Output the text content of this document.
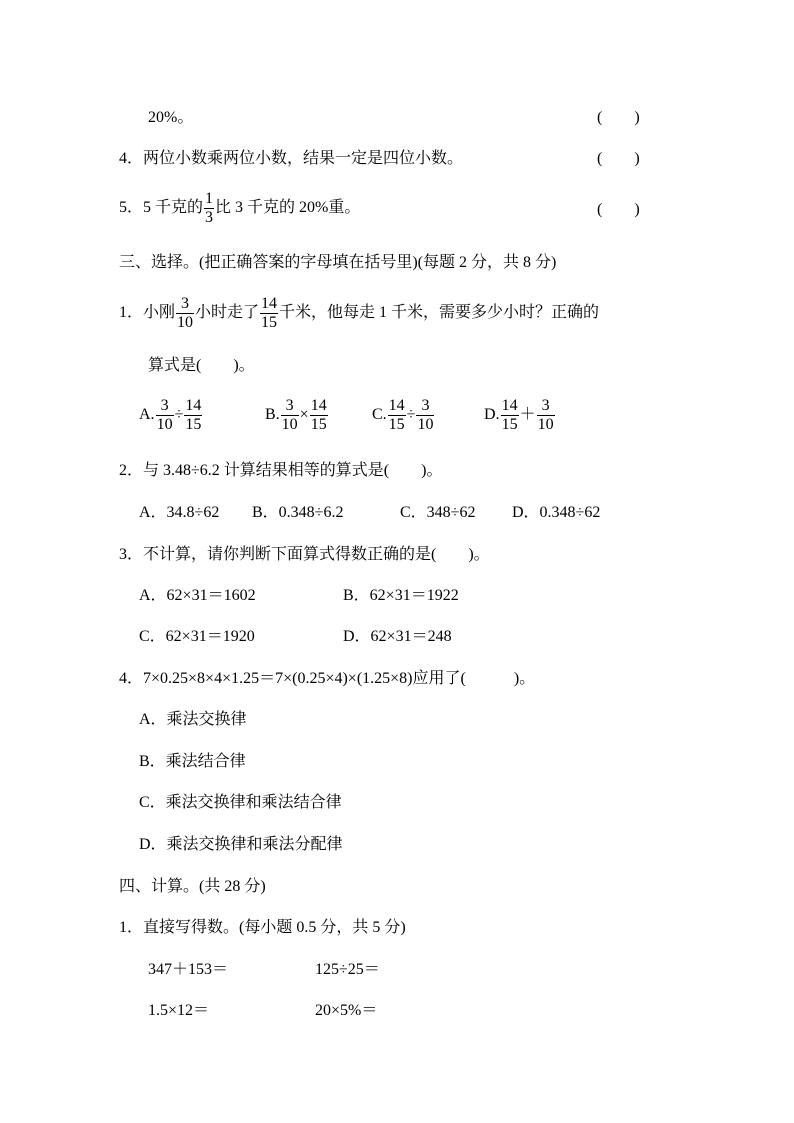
20%。	(　　)
4．两位小数乘两位小数，结果一定是四位小数。	(　　)
5．5 千克的 $\frac{1}{3}$ 比 3 千克的 20%重。	(　　)
三、选择。(把正确答案的字母填在括号里)(每题 2 分，共 8 分)
1．小刚 $\frac{3}{10}$ 小时走了 $\frac{14}{15}$ 千米，他每走 1 千米，需要多少小时？正确的
算式是(　　)。
A. $\frac{3}{10} \div \frac{14}{15}$	B. $\frac{3}{10} \times \frac{14}{15}$	C. $\frac{14}{15} \div \frac{3}{10}$	D. $\frac{14}{15} + \frac{3}{10}$
2．与 3.48÷6.2 计算结果相等的算式是(　　)。
A．34.8÷62 B．0.348÷6.2	C．348÷62 D．0.348÷62
3．不计算，请你判断下面算式得数正确的是(　　)。
A．62×31＝1602	B．62×31＝1922
C．62×31＝1920	D．62×31＝248
4．7×0.25×8×4×1.25＝7×(0.25×4)×(1.25×8)应用了(　　　)。
A．乘法交换律
B．乘法结合律
C．乘法交换律和乘法结合律
D．乘法交换律和乘法分配律
四、计算。(共 28 分)
1．直接写得数。(每小题 0.5 分，共 5 分)
347＋153＝	125÷25＝
1.5×12＝	20×5%＝
